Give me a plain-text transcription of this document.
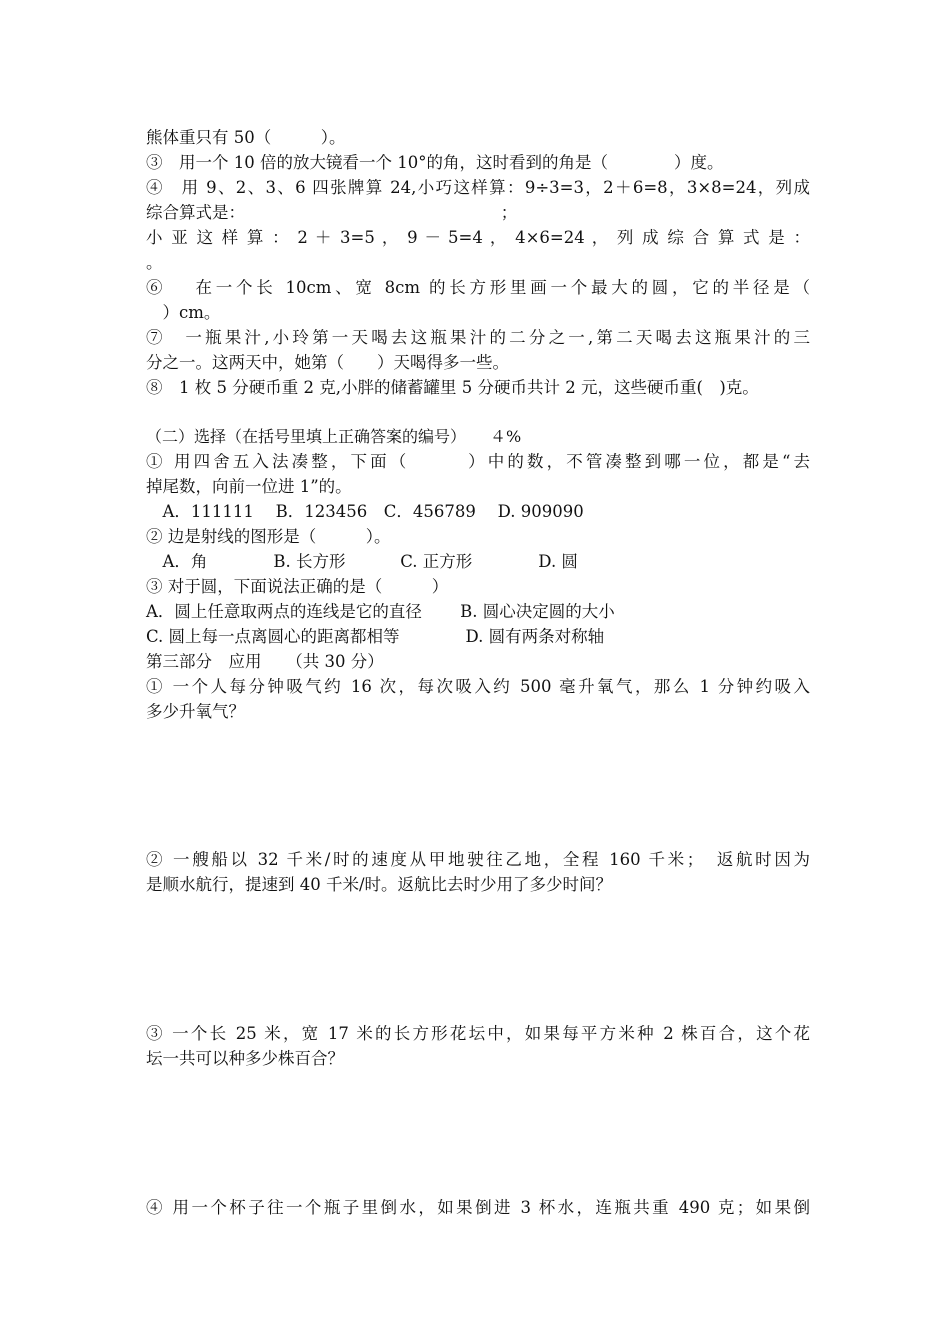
熊体重只有 50（　　　）。
③　用一个 10 倍的放大镜看一个 10°的角，这时看到的角是（　　　　）度。
④　用 9、2、3、6 四张牌算 24,小巧这样算：9÷3=3，2＋6=8，3×8=24，列成
综合算式是：　　　　　　　　　　　　　　　　；
小 亚 这 样 算 ： 2 ＋ 3=5 ， 9 － 5=4 ， 4×6=24 ， 列 成 综 合 算 式 是 ：
。
⑥　 在一个长 10cm、宽 8cm 的长方形里画一个最大的圆，它的半径是（
　）cm。
⑦　一瓶果汁,小玲第一天喝去这瓶果汁的二分之一,第二天喝去这瓶果汁的三
分之一。这两天中，她第（　　）天喝得多一些。
⑧　1 枚 5 分硬币重 2 克,小胖的储蓄罐里 5 分硬币共计 2 元，这些硬币重(　)克。
（二）选择（在括号里填上正确答案的编号）　　４%
① 用四舍五入法凑整，下面（　　　）中的数，不管凑整到哪一位，都是“去
掉尾数，向前一位进 1”的。
　A．111111　 B．123456　C．456789　 D. 909090
② 边是射线的图形是（　　　）。
　A．角　　　　B. 长方形　　　 C. 正方形　　　　D. 圆
③ 对于圆，下面说法正确的是（　　　）
A．圆上任意取两点的连线是它的直径　　 B. 圆心决定圆的大小
C. 圆上每一点离圆心的距离都相等　　　　D. 圆有两条对称轴
第三部分　应用　　（共 30 分）
① 一个人每分钟吸气约 16 次，每次吸入约 500 毫升氧气，那么 1 分钟约吸入
多少升氧气？
② 一艘船以 32 千米/时的速度从甲地驶往乙地，全程 160 千米；　返航时因为
是顺水航行，提速到 40 千米/时。返航比去时少用了多少时间？
③ 一个长 25 米，宽 17 米的长方形花坛中，如果每平方米种 2 株百合，这个花
坛一共可以种多少株百合？
④ 用一个杯子往一个瓶子里倒水，如果倒进 3 杯水，连瓶共重 490 克；如果倒
